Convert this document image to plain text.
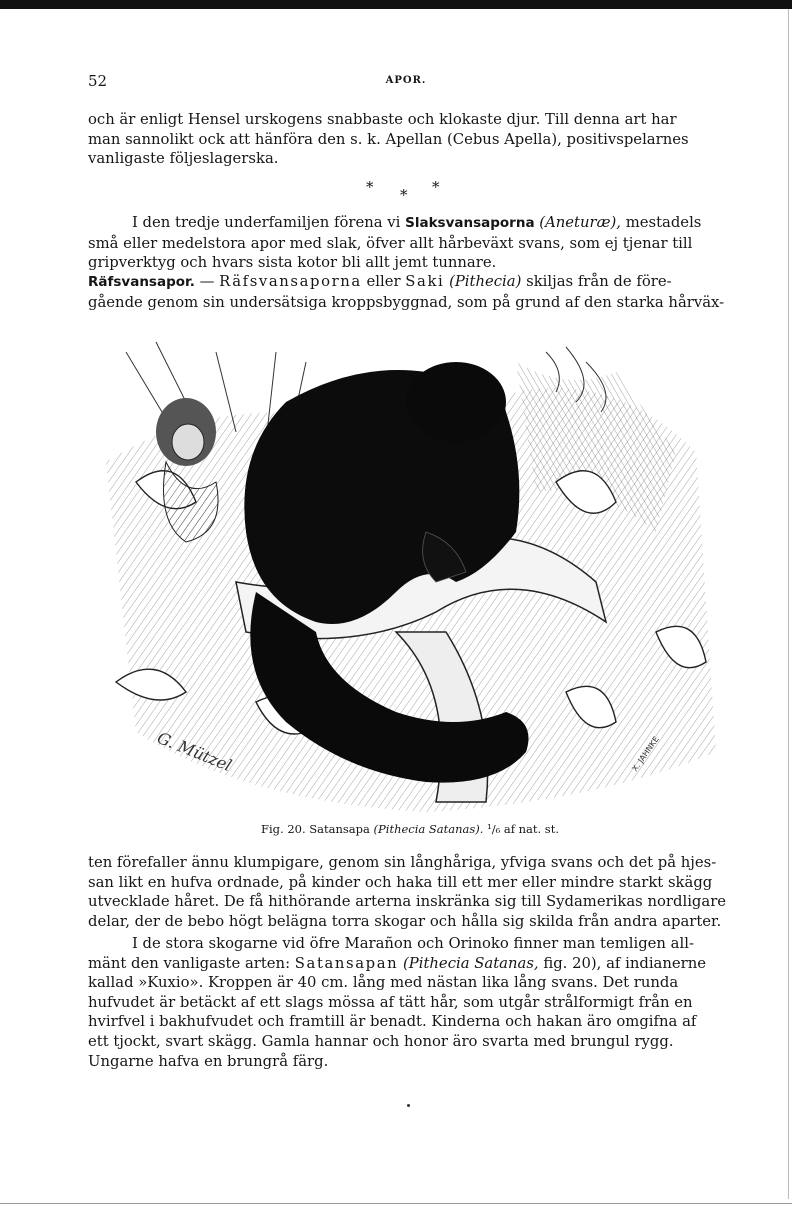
52	APOR.

och är enligt Hensel urskogens snabbaste och klokaste djur. Till denna art har
man sannolikt ock att hänföra den s. k. Apellan (Cebus Apella), positivspelarnes
vanligaste följeslagerska.

* * *

I den tredje underfamiljen förena vi Slaksvansaporna (Aneturæ), mestadels
små eller medelstora apor med slak, öfver allt hårbeväxt svans, som ej tjenar till
gripverktyg och hvars sista kotor bli allt jemt tunnare.

Räfsvansapor. — Räfsvansaporna eller Saki (Pithecia) skiljas från de före-
gående genom sin undersätsiga kroppsbyggnad, som på grund af den starka hårväx-

G. Mützel	X. JAHNKE
Fig. 20. Satansapa (Pithecia Satanas). ¹/₆ af nat. st.

ten förefaller ännu klumpigare, genom sin långhåriga, yfviga svans och det på hjes-
san likt en hufva ordnade, på kinder och haka till ett mer eller mindre starkt skägg
utvecklade håret. De få hithörande arterna inskränka sig till Sydamerikas nordligare
delar, der de bebo högt belägna torra skogar och hålla sig skilda från andra aparter.

I de stora skogarne vid öfre Marañon och Orinoko finner man temligen all-
mänt den vanligaste arten: Satansapan (Pithecia Satanas, fig. 20), af indianerne
kallad »Kuxio». Kroppen är 40 cm. lång med nästan lika lång svans. Det runda
hufvudet är betäckt af ett slags mössa af tätt hår, som utgår strålformigt från en
hvirfvel i bakhufvudet och framtill är benadt. Kinderna och hakan äro omgifna af
ett tjockt, svart skägg. Gamla hannar och honor äro svarta med brungul rygg.
Ungarne hafva en brungrå färg.
